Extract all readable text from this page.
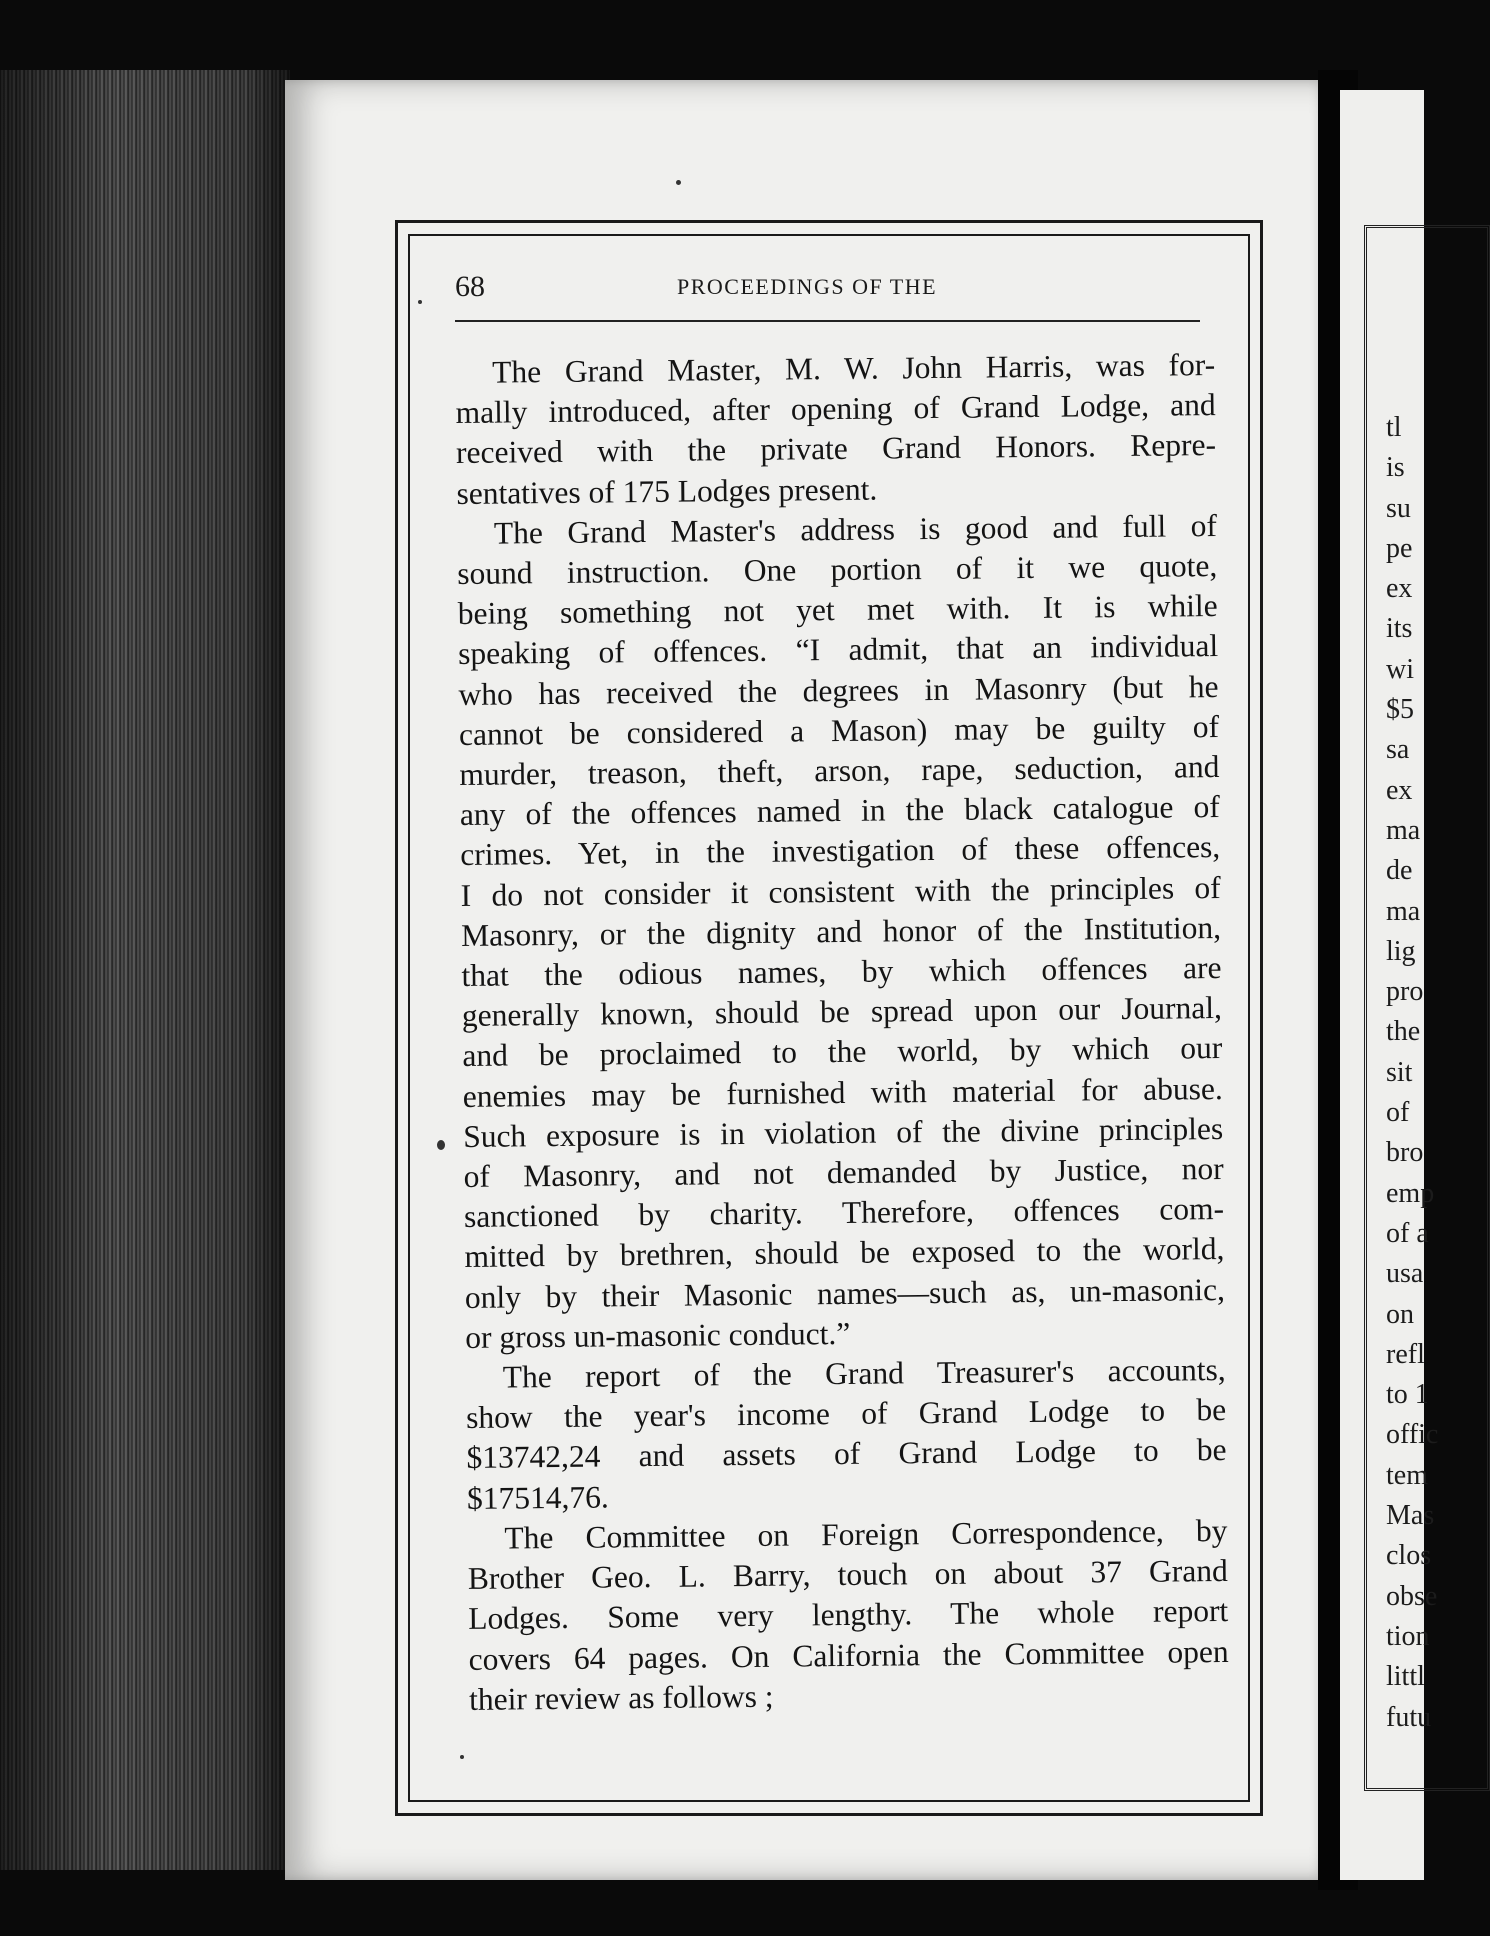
tl
is
su
pe
ex
its
wi
$5
sa
ex
ma
de
ma
lig
pro
the
sit
of
bro
emp
of a
usa
on
refl
to 1
offic
tem
Mas
clos
obse
tion
littl
futu
68	PROCEEDINGS OF THE
The Grand Master, M. W. John Harris, was for-
mally introduced, after opening of Grand Lodge, and
received with the private Grand Honors. Repre-
sentatives of 175 Lodges present.
The Grand Master's address is good and full of
sound instruction. One portion of it we quote,
being something not yet met with. It is while
speaking of offences. “I admit, that an individual
who has received the degrees in Masonry (but he
cannot be considered a Mason) may be guilty of
murder, treason, theft, arson, rape, seduction, and
any of the offences named in the black catalogue of
crimes. Yet, in the investigation of these offences,
I do not consider it consistent with the principles of
Masonry, or the dignity and honor of the Institution,
that the odious names, by which offences are
generally known, should be spread upon our Journal,
and be proclaimed to the world, by which our
enemies may be furnished with material for abuse.
Such exposure is in violation of the divine principles
of Masonry, and not demanded by Justice, nor
sanctioned by charity. Therefore, offences com-
mitted by brethren, should be exposed to the world,
only by their Masonic names—such as, un-masonic,
or gross un-masonic conduct.”
The report of the Grand Treasurer's accounts,
show the year's income of Grand Lodge to be
$13742,24 and assets of Grand Lodge to be
$17514,76.
The Committee on Foreign Correspondence, by
Brother Geo. L. Barry, touch on about 37 Grand
Lodges. Some very lengthy. The whole report
covers 64 pages. On California the Committee open
their review as follows ;
